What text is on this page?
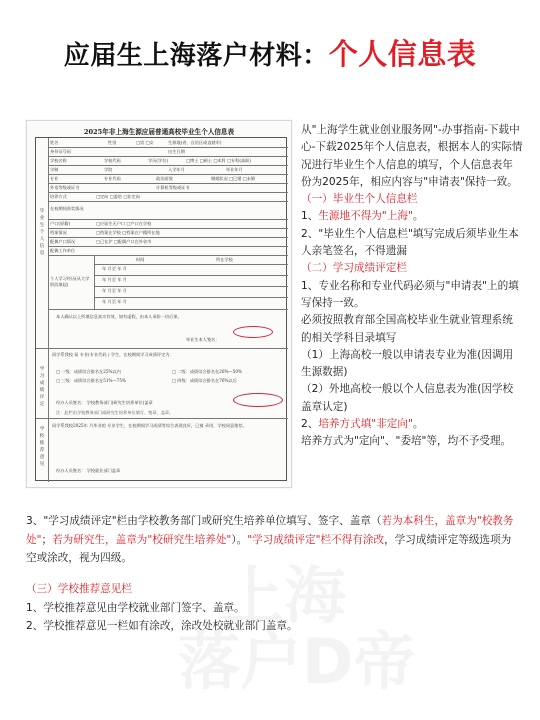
应届生上海落户材料：个人信息表
上海
落户D帝
2025年非上海生源应届普通高校毕业生个人信息表
姓名	性别	□男 □女	生源地(省、自治区或直辖市)
身份证号码	出生日期
学校名称	学校代码	学历(学位)	□博士 □硕士 □本科 □专科(高职)
学制	学院	入学年月	毕业年月
专业	专业代码	政治面貌	婚姻状况 □已婚 □未婚
外语等级或证书	计算机等级或证书
培养方式	□定向 □委培 □非定向
在校期间获奖情况
户口(原籍)	□应届生无户口 □户口在学校
档案情况	□档案在学校 □档案在户籍所在地
配偶户口情况	□已在沪 □配偶户口在外省市
配偶工作单位
个人学习经历(从大学阶段填起)
时间	所在学校
年 月至 年 月
年 月至 年 月
年 月至 年 月
年 月至 年 月
本人确认以上所填信息真实有效，如有虚假，由本人承担一切后果。
毕业生本人签名：
毕业生个人信息
学习成绩评定
同学系我校 届 专业(专业代码 ) 学生，在校期间学习成绩评定为：
□ 一级：成绩综合排名在25%以内	□ 二级：成绩综合排名在26%—50%
□ 三级：成绩综合排名在51%—75%	□ 四级：成绩综合排名在76%以后
经办人员签名： 学校教务部门(研究生培养单位)盖章
注：此栏由学校教务部门或研究生培养单位填写、签章、盖章。
学校推荐意见
同学系我校2025年 月毕业的 专业学生，在校期间学习成绩等综合表现良好，已被 录用，学校同意推荐。
经办人员签名： 学校就业部门盖章

从"上海学生就业创业服务网"-办事指南-下载中心-下载2025年个人信息表，根据本人的实际情况进行毕业生个人信息的填写，个人信息表年份为2025年，相应内容与"申请表"保持一致。

（一）毕业生个人信息栏

1、生源地不得为"上海"。

2、"毕业生个人信息栏"填写完成后须毕业生本人亲笔签名，不得遗漏

（二）学习成绩评定栏

1、专业名称和专业代码必须与"申请表"上的填写保持一致。

必须按照教育部全国高校毕业生就业管理系统的相关学科目录填写

（1）上海高校一般以申请表专业为准(因调用生源数据)

（2）外地高校一般以个人信息表为准(因学校盖章认定)

2、培养方式填"非定向"。

培养方式为"定向"、"委培"等，均不予受理。

3、"学习成绩评定"栏由学校教务部门或研究生培养单位填写、签字、盖章（若为本科生，盖章为"校教务处"；若为研究生，盖章为"校研究生培养处"）。"学习成绩评定"栏不得有涂改，学习成绩评定等级选项为空或涂改，视为四级。

（三）学校推荐意见栏

1、学校推荐意见由学校就业部门签字、盖章。

2、学校推荐意见一栏如有涂改，涂改处校就业部门盖章。
